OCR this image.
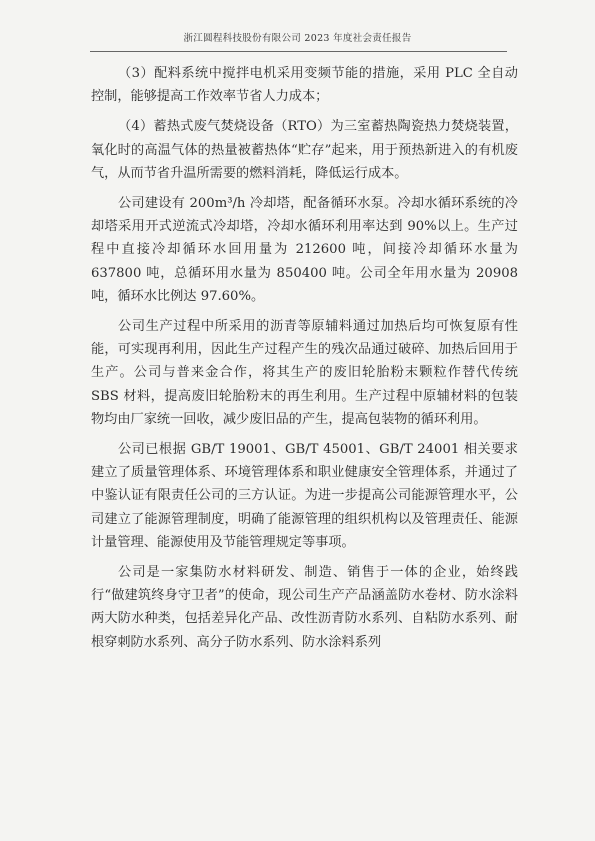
浙江圆程科技股份有限公司 2023 年度社会责任报告

（3）配料系统中搅拌电机采用变频节能的措施，采用 PLC 全自动控制，能够提高工作效率节省人力成本；

（4）蓄热式废气焚烧设备（RTO）为三室蓄热陶瓷热力焚烧装置，氧化时的高温气体的热量被蓄热体“贮存”起来，用于预热新进入的有机废气，从而节省升温所需要的燃料消耗，降低运行成本。

公司建设有 200m³/h 冷却塔，配备循环水泵。冷却水循环系统的冷却塔采用开式逆流式冷却塔，冷却水循环利用率达到 90%以上。生产过程中直接冷却循环水回用量为 212600 吨，间接冷却循环水量为 637800 吨，总循环用水量为 850400 吨。公司全年用水量为 20908 吨，循环水比例达 97.60%。

公司生产过程中所采用的沥青等原辅料通过加热后均可恢复原有性能，可实现再利用，因此生产过程产生的残次品通过破碎、加热后回用于生产。公司与普来金合作，将其生产的废旧轮胎粉末颗粒作替代传统 SBS 材料，提高废旧轮胎粉末的再生利用。生产过程中原辅材料的包装物均由厂家统一回收，减少废旧品的产生，提高包装物的循环利用。

公司已根据 GB/T 19001、GB/T 45001、GB/T 24001 相关要求建立了质量管理体系、环境管理体系和职业健康安全管理体系，并通过了中鉴认证有限责任公司的三方认证。为进一步提高公司能源管理水平，公司建立了能源管理制度，明确了能源管理的组织机构以及管理责任、能源计量管理、能源使用及节能管理规定等事项。

公司是一家集防水材料研发、制造、销售于一体的企业，始终践行“做建筑终身守卫者”的使命，现公司生产产品涵盖防水卷材、防水涂料两大防水种类，包括差异化产品、改性沥青防水系列、自粘防水系列、耐根穿刺防水系列、高分子防水系列、防水涂料系列
